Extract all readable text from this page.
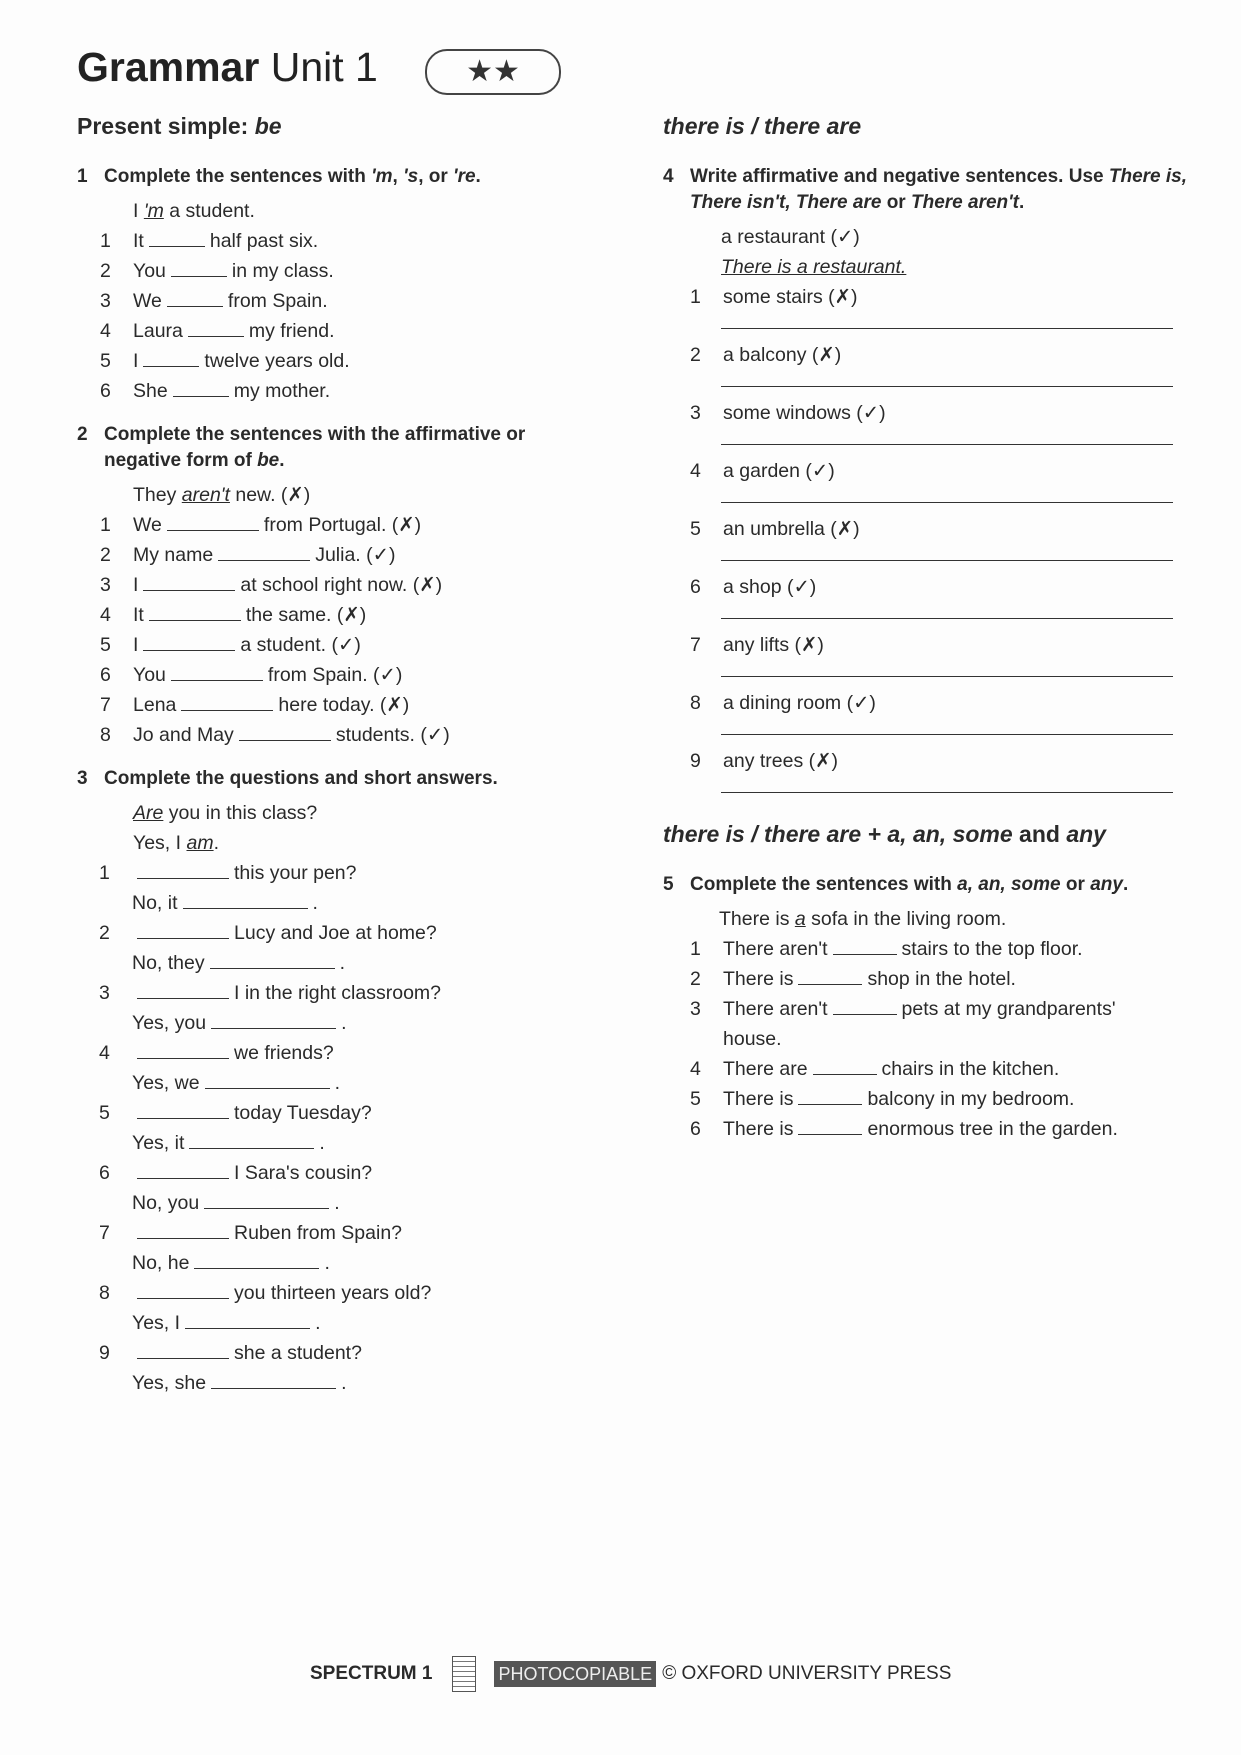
Grammar Unit 1	★★
Present simple: be
1 Complete the sentences with 'm, 's, or 're.
I 'm a student.
1	It	half past six.
2	You	in my class.
3	We	from Spain.
4	Laura	my friend.
5	I	twelve years old.
6	She	my mother.
2 Complete the sentences with the affirmative or negative form of be.
They aren't new. (✗)
1	We	from Portugal. (✗)
2	My name	Julia. (✓)
3	I	at school right now. (✗)
4	It	the same. (✗)
5	I	a student. (✓)
6	You	from Spain. (✓)
7	Lena	here today. (✗)
8	Jo and May	students. (✓)
3 Complete the questions and short answers.
Are you in this class?
Yes, I am.
1	this your pen?
No, it	.
2	Lucy and Joe at home?
No, they	.
3	I in the right classroom?
Yes, you	.
4	we friends?
Yes, we	.
5	today Tuesday?
Yes, it	.
6	I Sara's cousin?
No, you	.
7	Ruben from Spain?
No, he	.
8	you thirteen years old?
Yes, I	.
9	she a student?
Yes, she	.
there is / there are
4 Write affirmative and negative sentences. Use There is, There isn't, There are or There aren't.
a restaurant (✓)
There is a restaurant.
1	some stairs (✗)
2	a balcony (✗)
3	some windows (✓)
4	a garden (✓)
5	an umbrella (✗)
6	a shop (✓)
7	any lifts (✗)
8	a dining room (✓)
9	any trees (✗)
there is / there are + a, an, some and any
5 Complete the sentences with a, an, some or any.
There is a sofa in the living room.
1	There aren't	stairs to the top floor.
2	There is	shop in the hotel.
3	There aren't	pets at my grandparents'
house.
4	There are	chairs in the kitchen.
5	There is	balcony in my bedroom.
6	There is	enormous tree in the garden.
SPECTRUM 1	PHOTOCOPIABLE © OXFORD UNIVERSITY PRESS
